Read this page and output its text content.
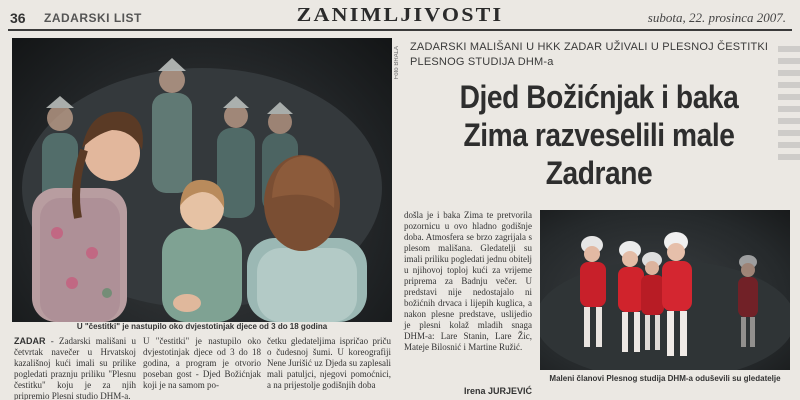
36 ZADARSKI LIST	ZANIMLJIVOSTI	subota, 22. prosinca 2007.
Foto BRALA
U "čestitki" je nastupilo oko dvjestotinjak djece od 3 do 18 godina
ZADARSKI MALIŠANI U HKK ZADAR UŽIVALI U PLESNOJ ČESTITKI PLESNOG STUDIJA DHM-a
Djed Božićnjak i baka
Zima razveselili male
Zadrane

ZADAR - Zadarski mališani u četvrtak navečer u Hrvatskoj kazališnoj kući imali su prilike pogledati praznju priliku "Plesnu čestitku" koju je za njih pripremio Plesni studio DHM-a.

U "čestitki" je nastupilo oko dvjestotinjak djece od 3 do 18 godina, a program je otvorio poseban gost - Djed Božićnjak koji je na samom po-

četku gledateljima ispričao priču o čudesnoj šumi. U koreografiji Nene Jurišić uz Djeda su zaplesali mali patuljci, njegovi pomoćnici, a na prijestolje godišnjih doba

došla je i baka Zima te pretvorila pozornicu u ovo hladno godišnje doba. Atmosfera se brzo zagrijala s plesom mališana. Gledatelji su imali priliku pogledati jednu obitelj u njihovoj toploj kući za vrijeme priprema za Badnju večer. U predstavi nije nedostajalo ni božićnih drvaca i lijepih kuglica, a nakon plesne predstave, uslijedio je plesni kolaž mladih snaga DHM-a: Lare Stanin, Lare Žic, Mateje Bilosnić i Martine Ružić.

Irena JURJEVIĆ
Maleni članovi Plesnog studija DHM-a oduševili su gledatelje
